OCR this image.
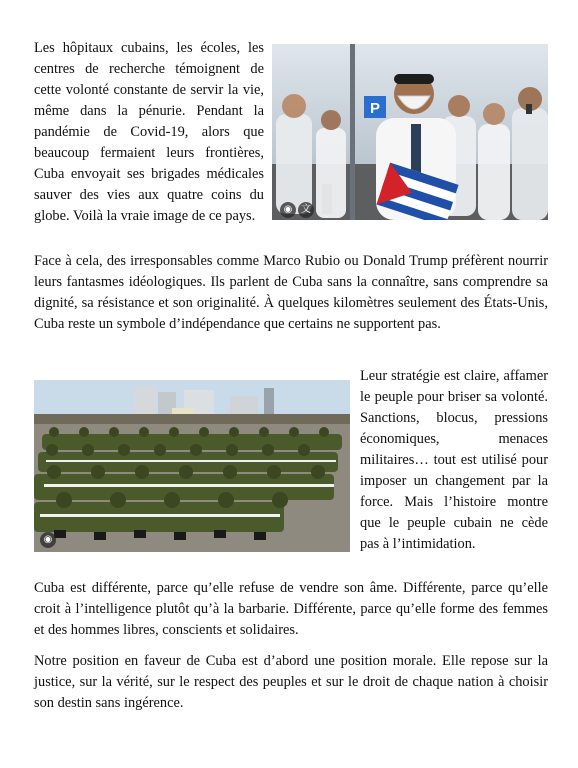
Les hôpitaux cubains, les écoles, les centres de recherche témoignent de cette volonté constante de servir la vie, même dans la pénurie. Pendant la pandémie de Covid-19, alors que beaucoup fermaient leurs frontières, Cuba envoyait ses brigades médicales sauver des vies aux quatre coins du globe. Voilà la vraie image de ce pays.

P
◉ 文

Face à cela, des irresponsables comme Marco Rubio ou Donald Trump préfèrent nourrir leurs fantasmes idéologiques. Ils parlent de Cuba sans la connaître, sans comprendre sa dignité, sa résistance et son originalité. À quelques kilomètres seulement des États-Unis, Cuba reste un symbole d’indépendance que certains ne supportent pas.

◉

Leur stratégie est claire, affamer le peuple pour briser sa volonté. Sanctions, blocus, pressions économiques, menaces militaires… tout est utilisé pour imposer un changement par la force. Mais l’histoire montre que le peuple cubain ne cède pas à l’intimidation.

Cuba est différente, parce qu’elle refuse de vendre son âme. Différente, parce qu’elle croit à l’intelligence plutôt qu’à la barbarie. Différente, parce qu’elle forme des femmes et des hommes libres, conscients et solidaires.

Notre position en faveur de Cuba est d’abord une position morale. Elle repose sur la justice, sur la vérité, sur le respect des peuples et sur le droit de chaque nation à choisir son destin sans ingérence.
